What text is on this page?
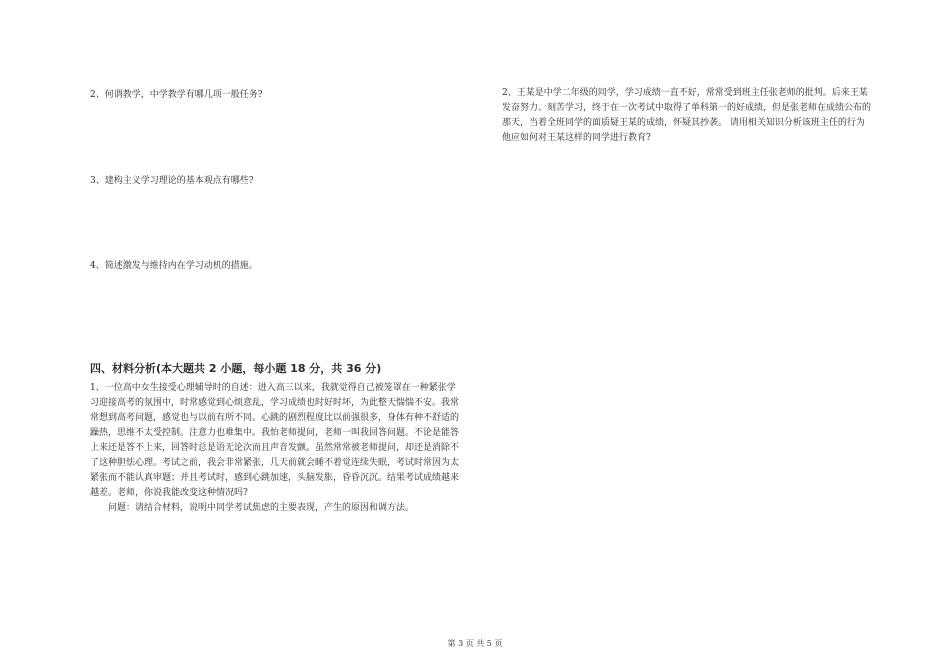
2、何谓教学，中学教学有哪几项一般任务?
3、建构主义学习理论的基本观点有哪些?
4、简述激发与维持内在学习动机的措施。
四、材料分析(本大题共 2 小题，每小题 18 分，共 36 分)
1、一位高中女生接受心理辅导时的自述：进入高三以来，我就觉得自己被笼罩在一种紧张学
习迎接高考的氛围中，时常感觉到心烦意乱，学习成绩也时好时坏，为此整天惴惴不安。我常
常想到高考问题，感觉也与以前有所不同。心跳的剧烈程度比以前强很多，身体有种不舒适的
躁热，思维不太受控制。注意力也难集中。我怕老师提问，老师一叫我回答问题。不论是能答
上来还是答不上来，回答时总是语无论次而且声音发颤。虽然常常被老师提问，却还是消除不
了这种胆怯心理。考试之前，我会非常紧张，几天前就会睡不着觉连续失眠，考试时常因为太
紧张而不能认真审题；并且考试时，感到心跳加速，头脑发胀，昏昏沉沉。结果考试成绩越来
越差。老师，你说我能改变这种情况吗?
问题：请结合材料，说明中同学考试焦虑的主要表现，产生的原因和调方法。
2、王某是中学二年级的同学，学习成绩一直不好，常常受到班主任张老师的批判。后来王某
发奋努力、刻苦学习，终于在一次考试中取得了单科第一的好成绩，但是张老师在成绩公布的
那天，当着全班同学的面质疑王某的成绩，怀疑其抄袭。 请用相关知识分析该班主任的行为
他应如何对王某这样的同学进行教育?
第 3 页 共 5 页
